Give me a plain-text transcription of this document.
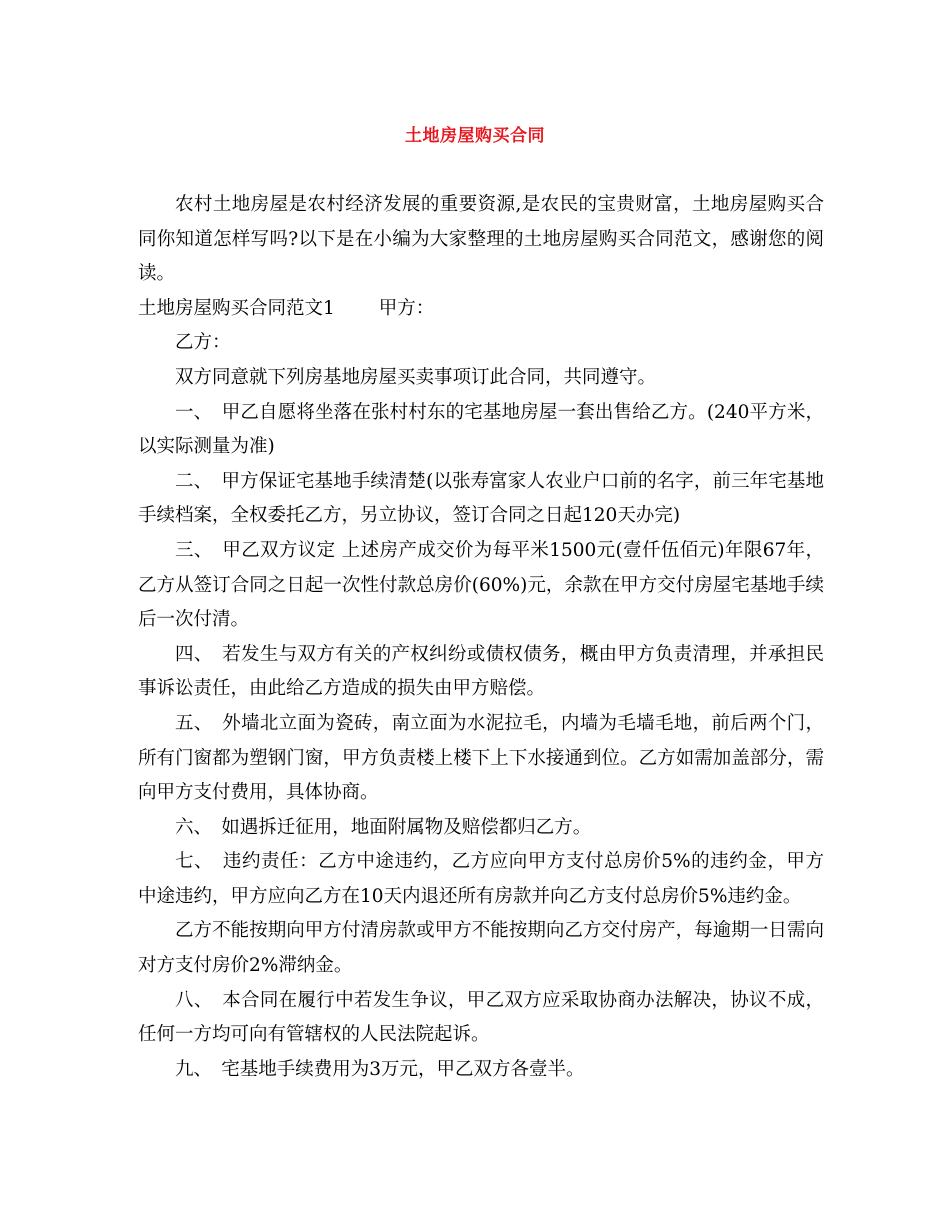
土地房屋购买合同

农村土地房屋是农村经济发展的重要资源,是农民的宝贵财富，土地房屋购买合同你知道怎样写吗?以下是在小编为大家整理的土地房屋购买合同范文，感谢您的阅读。

土地房屋购买合同范文1 甲方：

乙方：

双方同意就下列房基地房屋买卖事项订此合同，共同遵守。

一、　甲乙自愿将坐落在张村村东的宅基地房屋一套出售给乙方。(240平方米，以实际测量为准)

二、　甲方保证宅基地手续清楚(以张寿富家人农业户口前的名字，前三年宅基地手续档案，全权委托乙方，另立协议，签订合同之日起120天办完)

三、　甲乙双方议定 上述房产成交价为每平米1500元(壹仟伍佰元)年限67年，乙方从签订合同之日起一次性付款总房价(60%)元，余款在甲方交付房屋宅基地手续后一次付清。

四、　若发生与双方有关的产权纠纷或债权债务，概由甲方负责清理，并承担民事诉讼责任，由此给乙方造成的损失由甲方赔偿。

五、　外墙北立面为瓷砖，南立面为水泥拉毛，内墙为毛墙毛地，前后两个门，所有门窗都为塑钢门窗，甲方负责楼上楼下上下水接通到位。乙方如需加盖部分，需向甲方支付费用，具体协商。

六、　如遇拆迁征用，地面附属物及赔偿都归乙方。

七、　违约责任：乙方中途违约，乙方应向甲方支付总房价5%的违约金，甲方中途违约，甲方应向乙方在10天内退还所有房款并向乙方支付总房价5%违约金。

乙方不能按期向甲方付清房款或甲方不能按期向乙方交付房产，每逾期一日需向对方支付房价2%滞纳金。

八、　本合同在履行中若发生争议，甲乙双方应采取协商办法解决，协议不成，任何一方均可向有管辖权的人民法院起诉。

九、　宅基地手续费用为3万元，甲乙双方各壹半。
